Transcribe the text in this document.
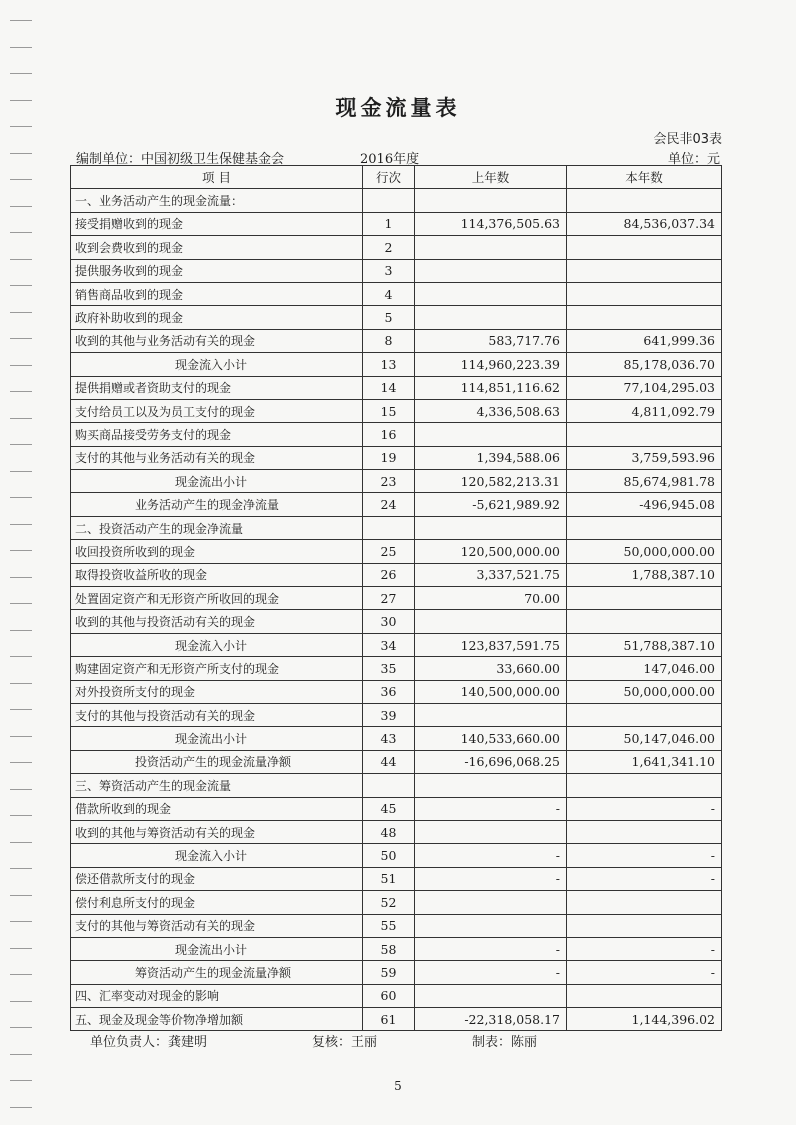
现金流量表
会民非03表
编制单位：中国初级卫生保健基金会	2016年度	单位：元
项 目	行次	上年数	本年数
一、业务活动产生的现金流量：			
接受捐赠收到的现金	1	114,376,505.63	84,536,037.34
收到会费收到的现金	2		
提供服务收到的现金	3		
销售商品收到的现金	4		
政府补助收到的现金	5		
收到的其他与业务活动有关的现金	8	583,717.76	641,999.36
现金流入小计	13	114,960,223.39	85,178,036.70
提供捐赠或者资助支付的现金	14	114,851,116.62	77,104,295.03
支付给员工以及为员工支付的现金	15	4,336,508.63	4,811,092.79
购买商品接受劳务支付的现金	16		
支付的其他与业务活动有关的现金	19	1,394,588.06	3,759,593.96
现金流出小计	23	120,582,213.31	85,674,981.78
业务活动产生的现金净流量	24	-5,621,989.92	-496,945.08
二、投资活动产生的现金净流量			
收回投资所收到的现金	25	120,500,000.00	50,000,000.00
取得投资收益所收的现金	26	3,337,521.75	1,788,387.10
处置固定资产和无形资产所收回的现金	27	70.00	
收到的其他与投资活动有关的现金	30		
现金流入小计	34	123,837,591.75	51,788,387.10
购建固定资产和无形资产所支付的现金	35	33,660.00	147,046.00
对外投资所支付的现金	36	140,500,000.00	50,000,000.00
支付的其他与投资活动有关的现金	39		
现金流出小计	43	140,533,660.00	50,147,046.00
投资活动产生的现金流量净额	44	-16,696,068.25	1,641,341.10
三、筹资活动产生的现金流量			
借款所收到的现金	45	-	-
收到的其他与筹资活动有关的现金	48		
现金流入小计	50	-	-
偿还借款所支付的现金	51	-	-
偿付利息所支付的现金	52		
支付的其他与筹资活动有关的现金	55		
现金流出小计	58	-	-
筹资活动产生的现金流量净额	59	-	-
四、汇率变动对现金的影响	60		
五、现金及现金等价物净增加额	61	-22,318,058.17	1,144,396.02
单位负责人：龚建明	复核：王丽	制表：陈丽
5
